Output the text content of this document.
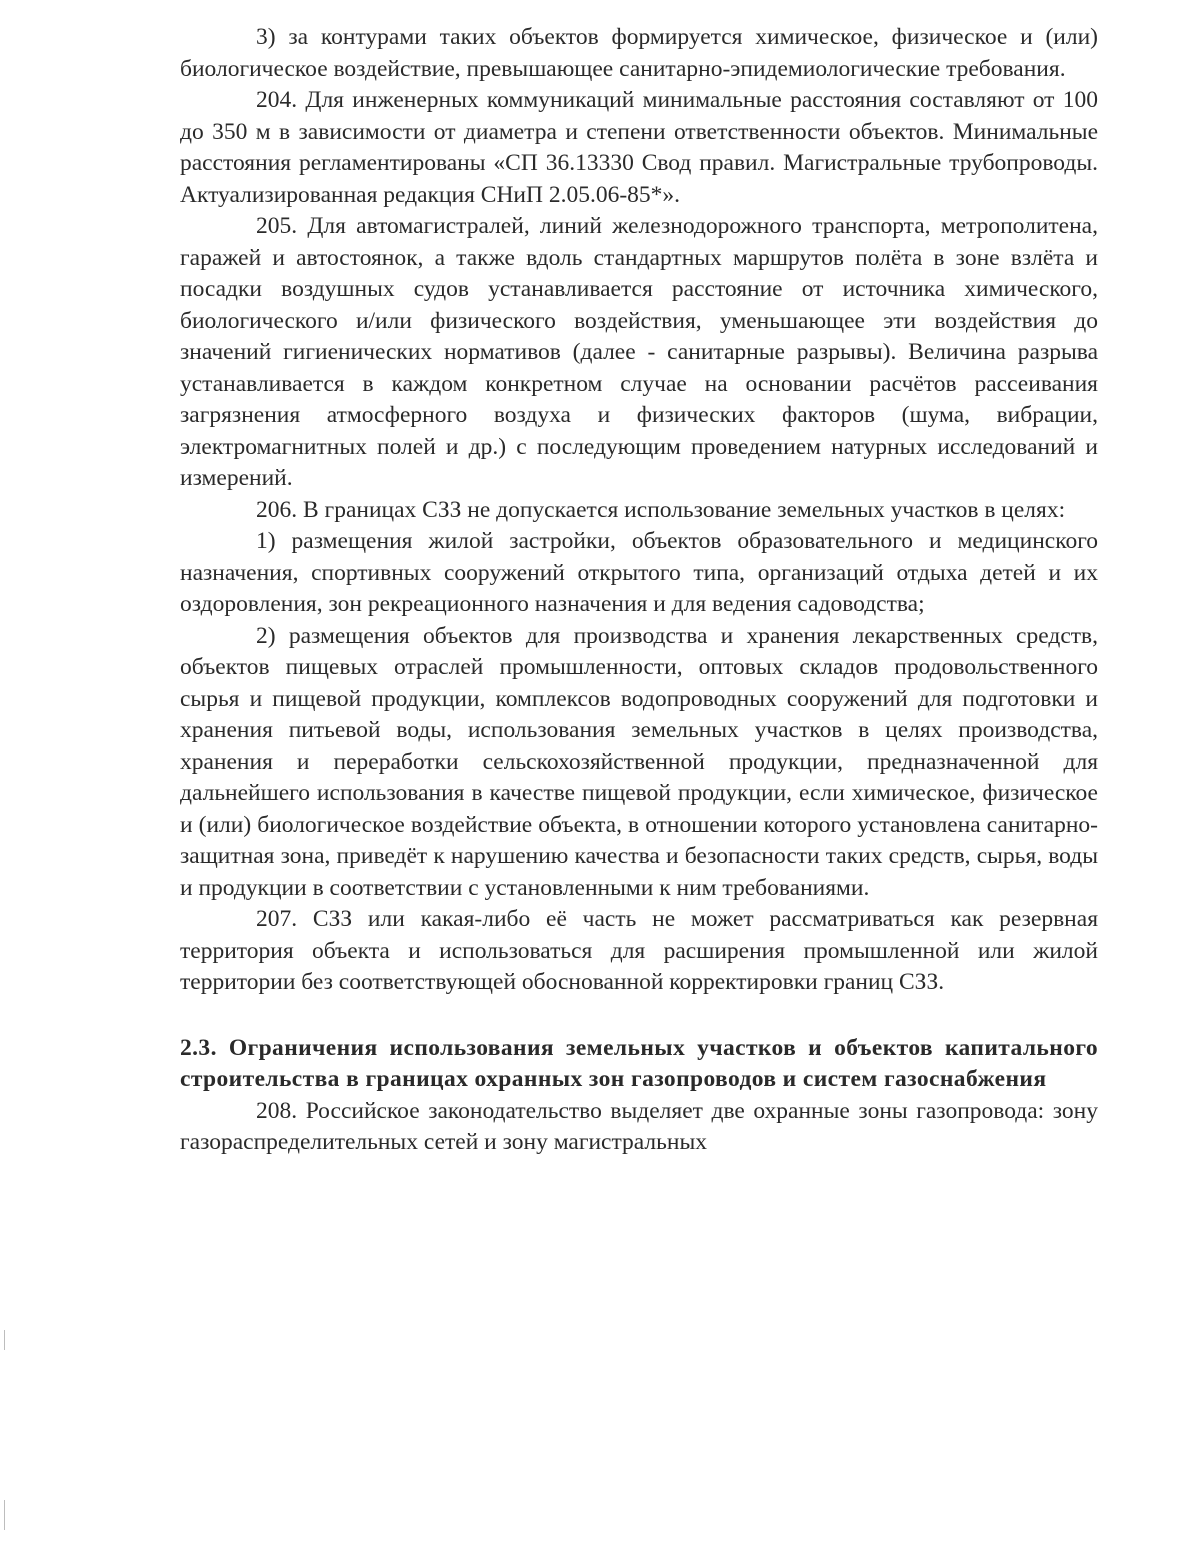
3) за контурами таких объектов формируется химическое, физическое и (или) биологическое воздействие, превышающее санитарно-эпидемиологические требования.

204. Для инженерных коммуникаций минимальные расстояния составляют от 100 до 350 м в зависимости от диаметра и степени ответственности объектов. Минимальные расстояния регламентированы «СП 36.13330 Свод правил. Магистральные трубопроводы. Актуализированная редакция СНиП 2.05.06-85*».

205. Для автомагистралей, линий железнодорожного транспорта, метрополитена, гаражей и автостоянок, а также вдоль стандартных маршрутов полёта в зоне взлёта и посадки воздушных судов устанавливается расстояние от источника химического, биологического и/или физического воздействия, уменьшающее эти воздействия до значений гигиенических нормативов (далее - санитарные разрывы). Величина разрыва устанавливается в каждом конкретном случае на основании расчётов рассеивания загрязнения атмосферного воздуха и физических факторов (шума, вибрации, электромагнитных полей и др.) с последующим проведением натурных исследований и измерений.

206. В границах СЗЗ не допускается использование земельных участков в целях:

1) размещения жилой застройки, объектов образовательного и медицинского назначения, спортивных сооружений открытого типа, организаций отдыха детей и их оздоровления, зон рекреационного назначения и для ведения садоводства;

2) размещения объектов для производства и хранения лекарственных средств, объектов пищевых отраслей промышленности, оптовых складов продовольственного сырья и пищевой продукции, комплексов водопроводных сооружений для подготовки и хранения питьевой воды, использования земельных участков в целях производства, хранения и переработки сельскохозяйственной продукции, предназначенной для дальнейшего использования в качестве пищевой продукции, если химическое, физическое и (или) биологическое воздействие объекта, в отношении которого установлена санитарно-защитная зона, приведёт к нарушению качества и безопасности таких средств, сырья, воды и продукции в соответствии с установленными к ним требованиями.

207. СЗЗ или какая-либо её часть не может рассматриваться как резервная территория объекта и использоваться для расширения промышленной или жилой территории без соответствующей обоснованной корректировки границ СЗЗ.

2.3. Ограничения использования земельных участков и объектов капитального строительства в границах охранных зон газопроводов и систем газоснабжения

208. Российское законодательство выделяет две охранные зоны газопровода: зону газораспределительных сетей и зону магистральных
